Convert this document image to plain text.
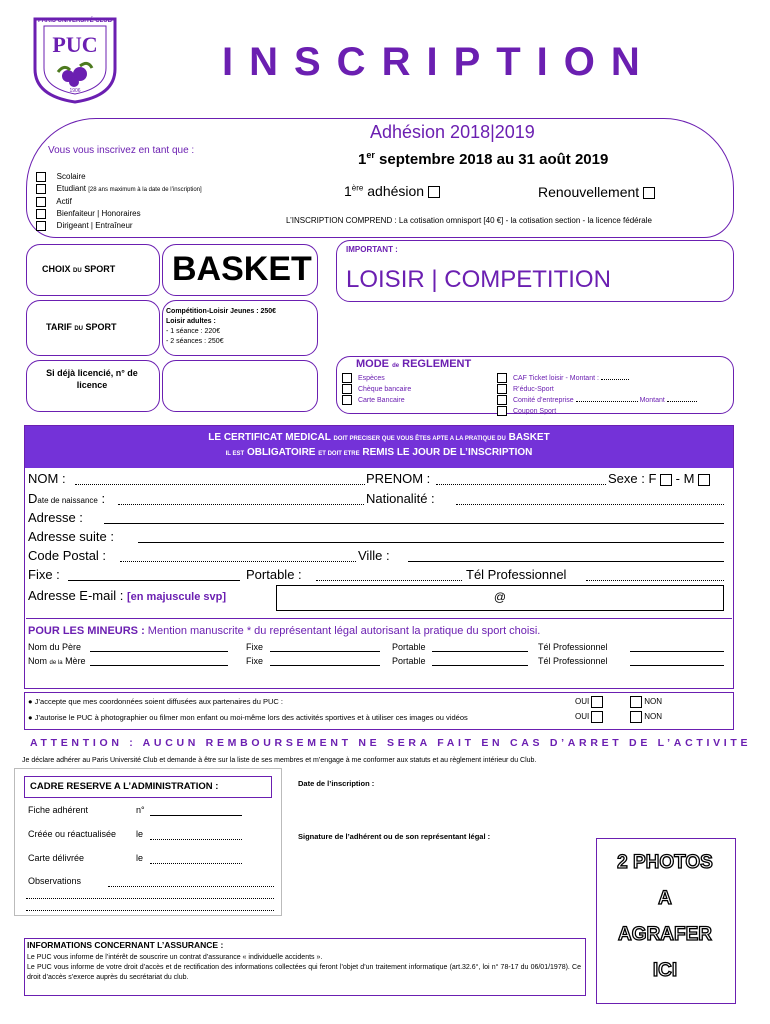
PARIS UNIVERSITÉ CLUB
PUC
1906
INSCRIPTION
Adhésion 2018|2019
1er septembre 2018 au 31 août 2019
1ère adhésion	Renouvellement
L’INSCRIPTION COMPREND : La cotisation omnisport [40 €] - la cotisation section - la licence fédérale
Vous vous inscrivez en tant que :
Scolaire
Etudiant [28 ans maximum à la date de l’inscription]
Actif
Bienfaiteur | Honoraires
Dirigeant | Entraîneur
CHOIX DU SPORT BASKET
TARIF DU SPORT
Compétition-Loisir Jeunes : 250€
Loisir adultes :
- 1 séance : 220€
- 2 séances : 250€
Si déjà licencié, n° de licence
IMPORTANT :
LOISIR | COMPETITION
MODE de REGLEMENT
Espèces
Chèque bancaire
Carte Bancaire
CAF Ticket loisir - Montant :
R’éduc-Sport
Comité d’entreprise	Montant
Coupon Sport
LE CERTIFICAT MEDICAL DOIT PRECISER QUE VOUS ÊTES APTE A LA PRATIQUE DU BASKET
IL EST OBLIGATOIRE ET DOIT ETRE REMIS LE JOUR DE L’INSCRIPTION
NOM :	PRENOM :	Sexe : F - M
Date de naissance :	Nationalité :
Adresse :
Adresse suite :
Code Postal :	Ville :
Fixe :	Portable :	Tél Professionnel
Adresse E-mail : [en majuscule svp]	@
POUR LES MINEURS : Mention manuscrite * du représentant légal autorisant la pratique du sport choisi.
Nom du Père	Fixe	Portable	Tél Professionnel
Nom de la Mère	Fixe	Portable	Tél Professionnel
● J’accepte que mes coordonnées soient diffusées aux partenaires du PUC :
● J’autorise le PUC à photographier ou filmer mon enfant ou moi-même lors des activités sportives et à utiliser ces images ou vidéos
OUI	NON
OUI	NON
ATTENTION : AUCUN REMBOURSEMENT NE SERA FAIT EN CAS D’ARRET DE L’ACTIVITE
Je déclare adhérer au Paris Université Club et demande à être sur la liste de ses membres et m’engage à me conformer aux statuts et au règlement intérieur du Club.
CADRE RESERVE A L’ADMINISTRATION :
Fiche adhérent	n°
Créée ou réactualisée le
Carte délivrée	le
Observations
Date de l’inscription :
Signature de l’adhérent ou de son représentant légal :
2 PHOTOS
A
AGRAFER
ICI
INFORMATIONS CONCERNANT L’ASSURANCE :
Le PUC vous informe de l’intérêt de souscrire un contrat d’assurance « individuelle accidents ».
Le PUC vous informe de votre droit d’accès et de rectification des informations collectées qui feront l’objet d’un traitement informatique (art.32.6°, loi n° 78-17 du 06/01/1978). Ce droit d’accès s’exerce auprès du secrétariat du club.
